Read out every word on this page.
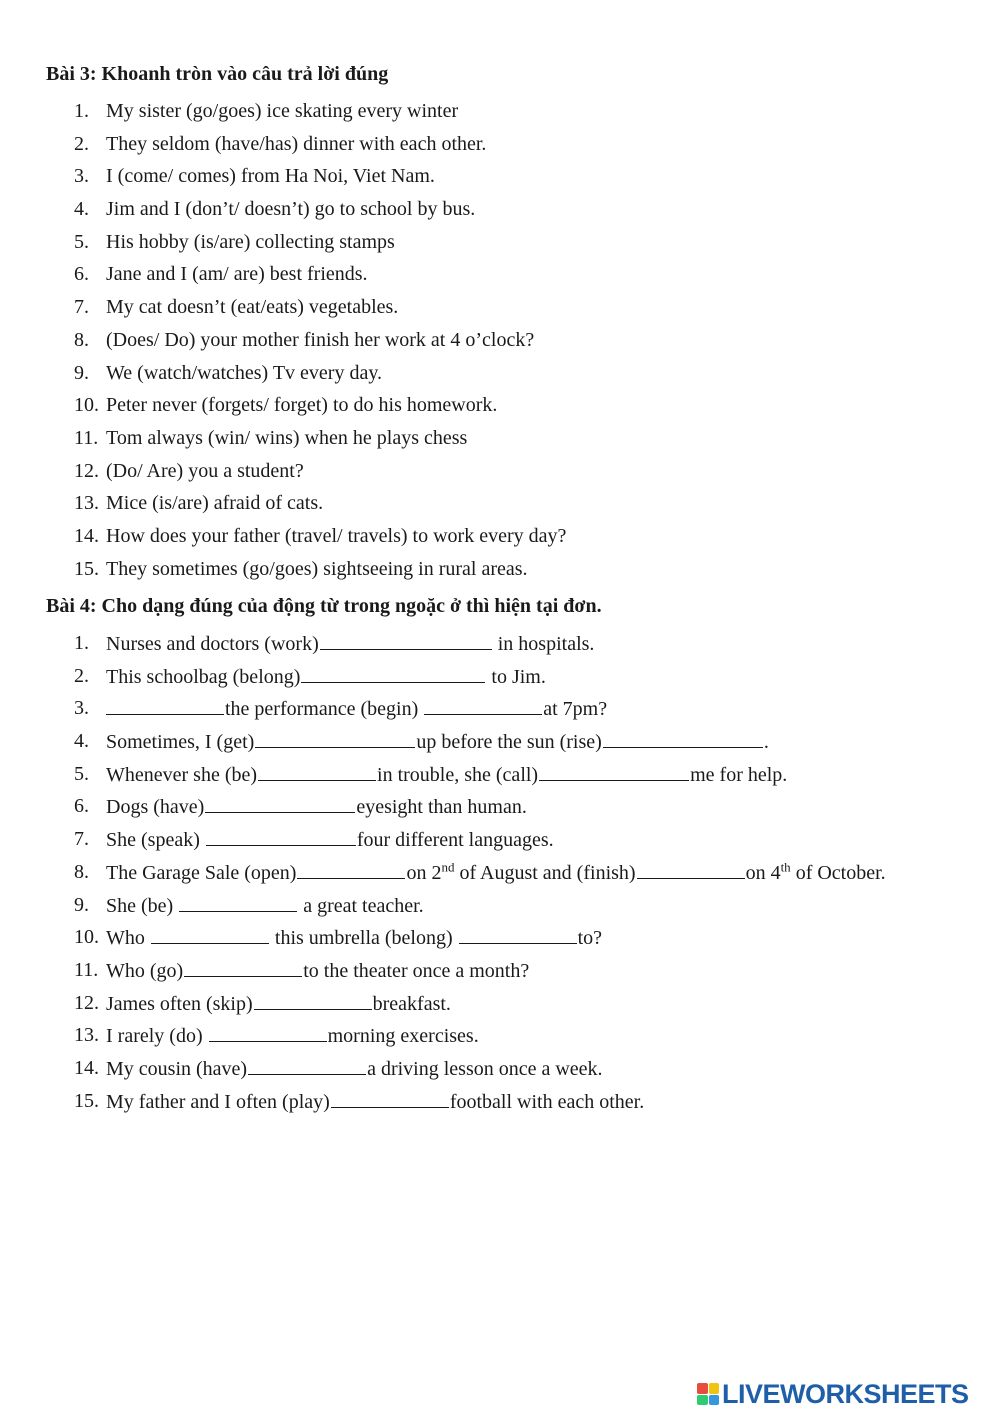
Bài 3: Khoanh tròn vào câu trả lời đúng
1. My sister (go/goes) ice skating every winter
2. They seldom (have/has) dinner with each other.
3. I (come/ comes) from Ha Noi, Viet Nam.
4. Jim and I (don’t/ doesn’t) go to school by bus.
5. His hobby (is/are) collecting stamps
6. Jane and I (am/ are) best friends.
7. My cat doesn’t (eat/eats) vegetables.
8. (Does/ Do) your mother finish her work at 4 o’clock?
9. We (watch/watches) Tv every day.
10. Peter never (forgets/ forget) to do his homework.
11. Tom always (win/ wins) when he plays chess
12. (Do/ Are) you a student?
13. Mice (is/are) afraid of cats.
14. How does your father (travel/ travels) to work every day?
15. They sometimes (go/goes) sightseeing in rural areas.
Bài 4: Cho dạng đúng của động từ trong ngoặc ở thì hiện tại đơn.
1. Nurses and doctors (work)	in hospitals.
2. This schoolbag (belong)	to Jim.
3.	the performance (begin)	at 7pm?
4. Sometimes, I (get)	up before the sun (rise)	.
5. Whenever she (be)	in trouble, she (call)	me for help.
6. Dogs (have)	eyesight than human.
7. She (speak)	four different languages.
8. The Garage Sale (open)	on 2nd of August and (finish)	on 4th of October.
9. She (be)	a great teacher.
10. Who	this umbrella (belong)	to?
11. Who (go)	to the theater once a month?
12. James often (skip)	breakfast.
13. I rarely (do)	morning exercises.
14. My cousin (have)	a driving lesson once a week.
15. My father and I often (play)	football with each other.
LIVEWORKSHEETS
